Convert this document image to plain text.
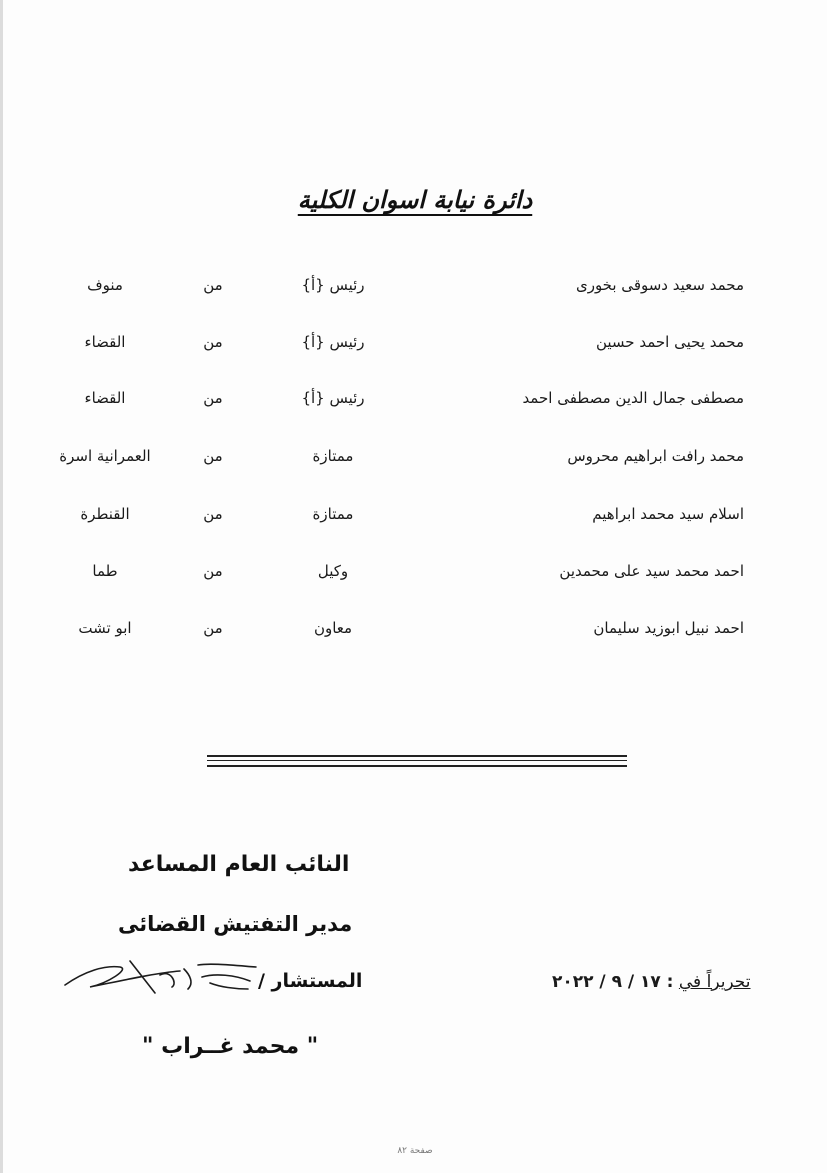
دائرة نيابة اسوان الكلية
محمد سعيد دسوقى بخورى
رئيس {أ}
من
منوف
محمد يحيى احمد حسين
رئيس {أ}
من
القضاء
مصطفى جمال الدين مصطفى احمد
رئيس {أ}
من
القضاء
محمد رافت ابراهيم محروس
ممتازة
من
العمرانية اسرة
اسلام سيد محمد ابراهيم
ممتازة
من
القنطرة
احمد محمد سيد على محمدين
وكيل
من
طما
احمد نبيل ابوزيد سليمان
معاون
من
ابو تشت
النائب العام المساعد
مدير التفتيش القضائى
المستشار /
" محمد غــراب "
تحريراً في : ١٧ / ٩ / ٢٠٢٢
صفحة ٨٢
